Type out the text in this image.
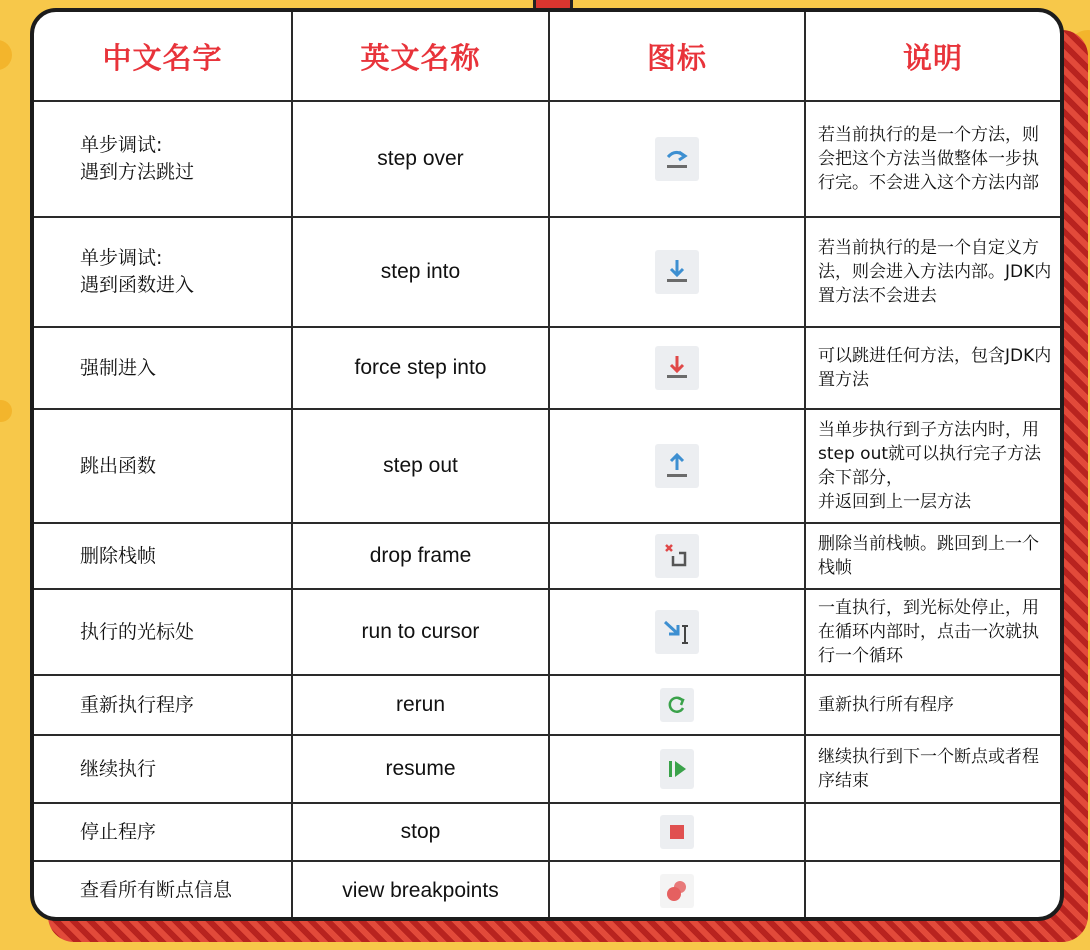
中文名字	英文名称	图标	说明
单步调试:
遇到方法跳过	step over		若当前执行的是一个方法，则会把这个方法当做整体一步执行完。不会进入这个方法内部
单步调试:
遇到函数进入	step into		若当前执行的是一个自定义方法，则会进入方法内部。JDK内置方法不会进去
强制进入	force step into		可以跳进任何方法，包含JDK内置方法
跳出函数	step out		当单步执行到子方法内时，用step out就可以执行完子方法余下部分，
并返回到上一层方法
删除栈帧	drop frame		删除当前栈帧。跳回到上一个栈帧
执行的光标处	run to cursor		一直执行，到光标处停止，用在循环内部时，点击一次就执行一个循环
重新执行程序	rerun		重新执行所有程序
继续执行	resume		继续执行到下一个断点或者程序结束
停止程序	stop	

查看所有断点信息	view breakpoints	
